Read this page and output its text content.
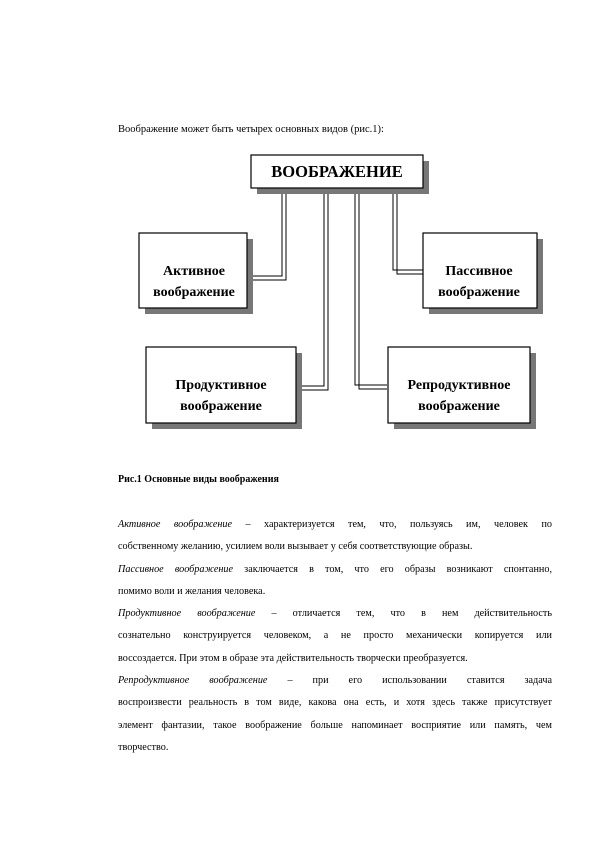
Воображение может быть четырех основных видов (рис.1):
ВООБРАЖЕНИЕ
Активное
воображение
Пассивное
воображение
Продуктивное
воображение
Репродуктивное
воображение
Рис.1 Основные виды воображения
Активное воображение – характеризуется тем, что, пользуясь им, человек по
собственному желанию, усилием воли вызывает у себя соответствующие образы.
Пассивное воображение заключается в том, что его образы возникают спонтанно,
помимо воли и желания человека.
Продуктивное воображение – отличается тем, что в нем действительность
сознательно конструируется человеком, а не просто механически копируется или
воссоздается. При этом в образе эта действительность творчески преобразуется.
Репродуктивное воображение – при его использовании ставится задача
воспроизвести реальность в том виде, какова она есть, и хотя здесь также присутствует
элемент фантазии, такое воображение больше напоминает восприятие или память, чем
творчество.
